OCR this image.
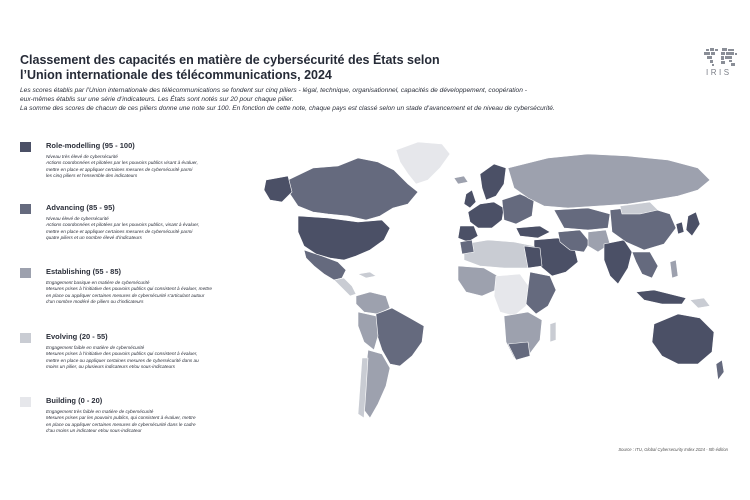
Classement des capacités en matière de cybersécurité des États selon
l’Union internationale des télécommunications, 2024	IRIS
Les scores établis par l’Union internationale des télécommunications se fondent sur cinq piliers - légal, technique, organisationnel, capacités de développement, coopération -
eux-mêmes établis sur une série d’indicateurs. Les États sont notés sur 20 pour chaque pilier.
La somme des scores de chacun de ces piliers donne une note sur 100. En fonction de cette note, chaque pays est classé selon un stade d’avancement et de niveau de cybersécurité.
Role-modelling (95 - 100)
Niveau très élevé de cybersécurité
Actions coordonnées et pilotées par les pouvoirs publics visant à évaluer,
mettre en place et appliquer certaines mesures de cybersécurité parmi
les cinq piliers et l’ensemble des indicateurs
Advancing (85 - 95)
Niveau élevé de cybersécurité
Actions coordonnées et pilotées par les pouvoirs publics, visant à évaluer,
mettre en place et appliquer certaines mesures de cybersécurité parmi
quatre piliers et un nombre élevé d’indicateurs
Establishing (55 - 85)
Engagement basique en matière de cybersécurité
Mesures prises à l’initiative des pouvoirs publics qui consistent à évaluer, mettre
en place ou appliquer certaines mesures de cybersécurité s’articulant autour
d’un nombre modéré de piliers ou d’indicateurs
Evolving (20 - 55)
Engagement faible en matière de cybersécurité
Mesures prises à l’initiative des pouvoirs publics qui consistent à évaluer,
mettre en place ou appliquer certaines mesures de cybersécurité dans au
moins un pilier, ou plusieurs indicateurs et/ou sous-indicateurs
Building (0 - 20)
Engagement très faible en matière de cybersécurité
Mesures prises par les pouvoirs publics, qui consistent à évaluer, mettre
en place ou appliquer certaines mesures de cybersécurité dans le cadre
d’au moins un indicateur et/ou sous-indicateur
Source : ITU, Global Cybersecurity Index 2024 - 5th édition
